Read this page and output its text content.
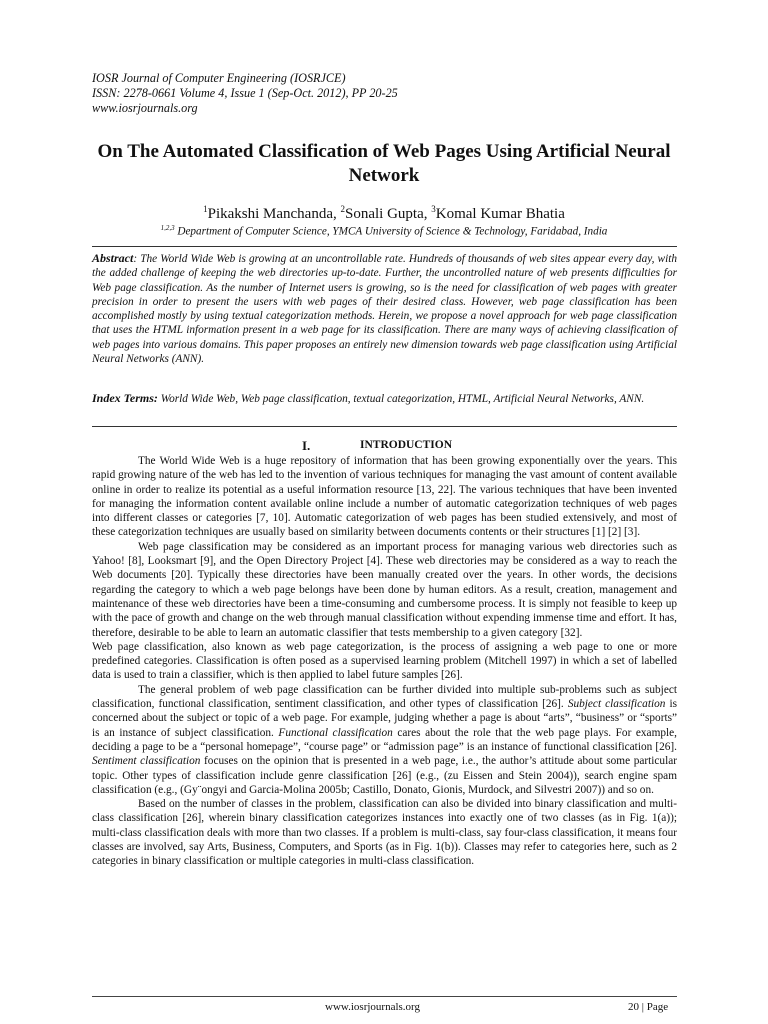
IOSR Journal of Computer Engineering (IOSRJCE)
ISSN: 2278-0661 Volume 4, Issue 1 (Sep-Oct. 2012), PP 20-25
www.iosrjournals.org
On The Automated Classification of Web Pages Using Artificial Neural Network
$^1$Pikakshi Manchanda, $^2$Sonali Gupta, $^3$Komal Kumar Bhatia
$^{1,2,3}$ Department of Computer Science, YMCA University of Science & Technology, Faridabad, India
Abstract: The World Wide Web is growing at an uncontrollable rate. Hundreds of thousands of web sites appear every day, with the added challenge of keeping the web directories up-to-date. Further, the uncontrolled nature of web presents difficulties for Web page classification. As the number of Internet users is growing, so is the need for classification of web pages with greater precision in order to present the users with web pages of their desired class. However, web page classification has been accomplished mostly by using textual categorization methods. Herein, we propose a novel approach for web page classification that uses the HTML information present in a web page for its classification. There are many ways of achieving classification of web pages into various domains. This paper proposes an entirely new dimension towards web page classification using Artificial Neural Networks (ANN).
Index Terms: World Wide Web, Web page classification, textual categorization, HTML, Artificial Neural Networks, ANN.
I.	INTRODUCTION

The World Wide Web is a huge repository of information that has been growing exponentially over the years. This rapid growing nature of the web has led to the invention of various techniques for managing the vast amount of content available online in order to realize its potential as a useful information resource [13, 22]. The various techniques that have been invented for managing the information content available online include a number of automatic categorization techniques of web pages into different classes or categories [7, 10]. Automatic categorization of web pages has been studied extensively, and most of these categorization techniques are usually based on similarity between documents contents or their structures [1] [2] [3].

Web page classification may be considered as an important process for managing various web directories such as Yahoo! [8], Looksmart [9], and the Open Directory Project [4]. These web directories may be considered as a way to reach the Web documents [20]. Typically these directories have been manually created over the years. In other words, the decisions regarding the category to which a web page belongs have been done by human editors. As a result, creation, management and maintenance of these web directories have been a time-consuming and cumbersome process. It is simply not feasible to keep up with the pace of growth and change on the web through manual classification without expending immense time and effort. It has, therefore, desirable to be able to learn an automatic classifier that tests membership to a given category [32].

Web page classification, also known as web page categorization, is the process of assigning a web page to one or more predefined categories. Classification is often posed as a supervised learning problem (Mitchell 1997) in which a set of labelled data is used to train a classifier, which is then applied to label future samples [26].

The general problem of web page classification can be further divided into multiple sub-problems such as subject classification, functional classification, sentiment classification, and other types of classification [26]. Subject classification is concerned about the subject or topic of a web page. For example, judging whether a page is about “arts”, “business” or “sports” is an instance of subject classification. Functional classification cares about the role that the web page plays. For example, deciding a page to be a “personal homepage”, “course page” or “admission page” is an instance of functional classification [26]. Sentiment classification focuses on the opinion that is presented in a web page, i.e., the author’s attitude about some particular topic. Other types of classification include genre classification [26] (e.g., (zu Eissen and Stein 2004)), search engine spam classification (e.g., (Gy¨ongyi and Garcia-Molina 2005b; Castillo, Donato, Gionis, Murdock, and Silvestri 2007)) and so on.

Based on the number of classes in the problem, classification can also be divided into binary classification and multi-class classification [26], wherein binary classification categorizes instances into exactly one of two classes (as in Fig. 1(a)); multi-class classification deals with more than two classes. If a problem is multi-class, say four-class classification, it means four classes are involved, say Arts, Business, Computers, and Sports (as in Fig. 1(b)). Classes may refer to categories here, such as 2 categories in binary classification or multiple categories in multi-class classification.

www.iosrjournals.org	20 | Page
